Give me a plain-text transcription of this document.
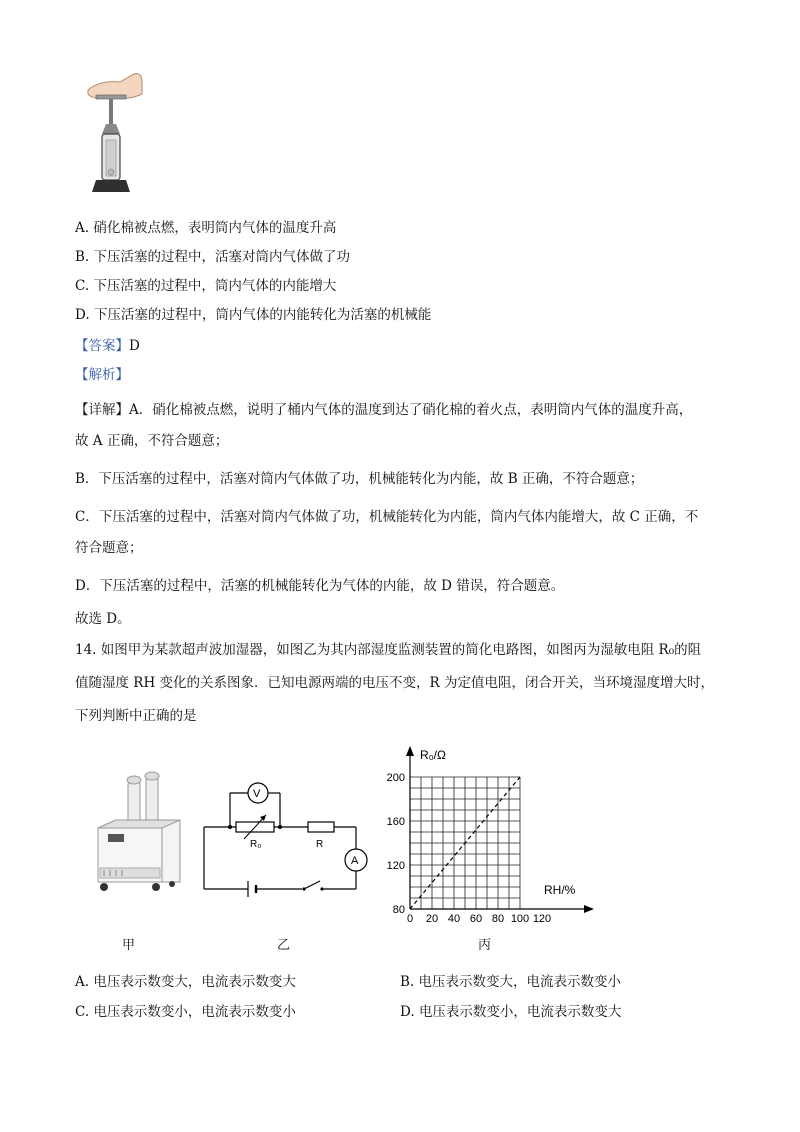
A. 硝化棉被点燃，表明筒内气体的温度升高
B. 下压活塞的过程中，活塞对筒内气体做了功
C. 下压活塞的过程中，筒内气体的内能增大
D. 下压活塞的过程中，筒内气体的内能转化为活塞的机械能
【答案】D
【解析】
【详解】A．硝化棉被点燃，说明了桶内气体的温度到达了硝化棉的着火点，表明筒内气体的温度升高，
故 A 正确，不符合题意；
B．下压活塞的过程中，活塞对筒内气体做了功，机械能转化为内能，故 B 正确，不符合题意；
C．下压活塞的过程中，活塞对筒内气体做了功，机械能转化为内能，筒内气体内能增大，故 C 正确，不
符合题意；
D．下压活塞的过程中，活塞的机械能转化为气体的内能，故 D 错误，符合题意。
故选 D。
14. 如图甲为某款超声波加湿器，如图乙为其内部湿度监测装置的简化电路图，如图丙为湿敏电阻 R₀的阻
值随湿度 RH 变化的关系图象．已知电源两端的电压不变，R 为定值电阻，闭合开关，当环境湿度增大时，
下列判断中正确的是
R₀	R
V
A
0 20 40 60 80 100 120
80
120
160
200
R₀/Ω
RH/%
甲	乙	丙
A. 电压表示数变大，电流表示数变大	B. 电压表示数变大，电流表示数变小
C. 电压表示数变小，电流表示数变小	D. 电压表示数变小，电流表示数变大
